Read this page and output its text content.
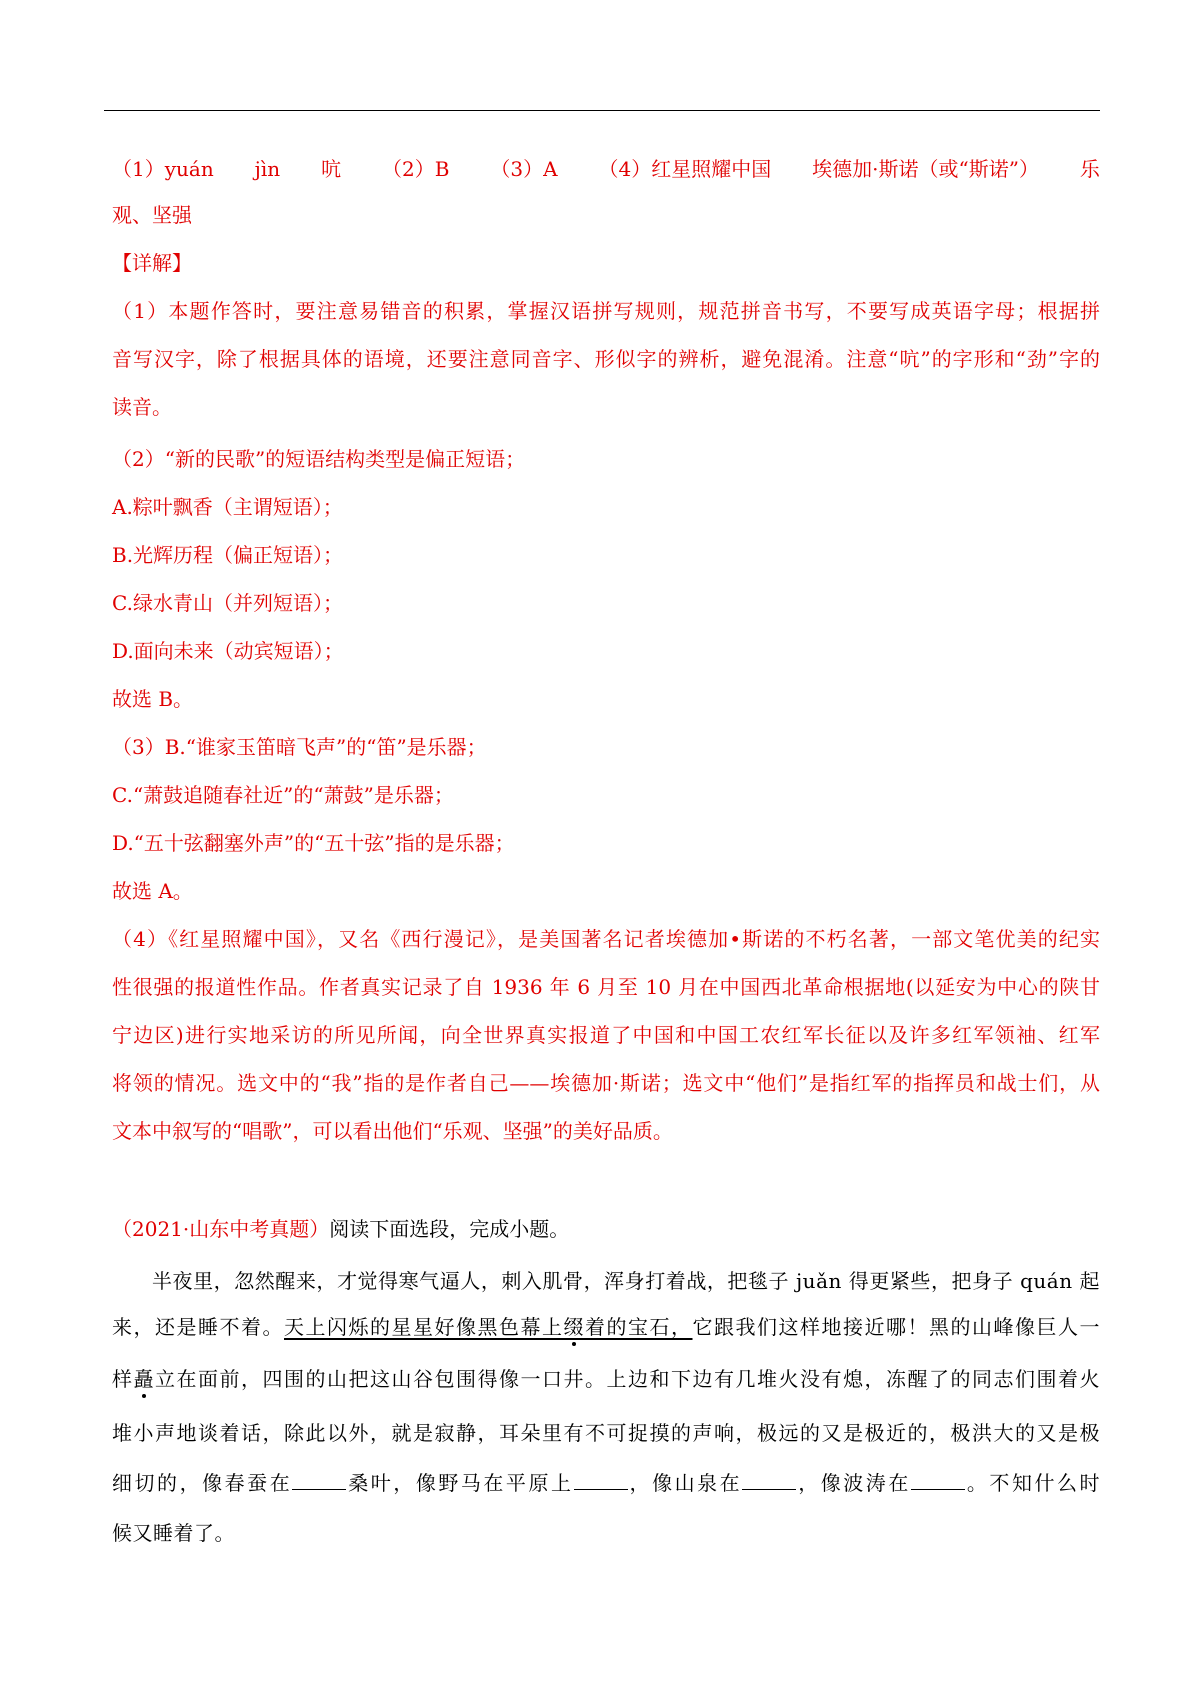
（1）yuán jìn 吭 （2）B （3）A （4）红星照耀中国 埃德加·斯诺（或“斯诺”） 乐
观、坚强
【详解】
（1）本题作答时，要注意易错音的积累，掌握汉语拼写规则，规范拼音书写，不要写成英语字母；根据拼
音写汉字，除了根据具体的语境，还要注意同音字、形似字的辨析，避免混淆。注意“吭”的字形和“劲”字的
读音。
（2）“新的民歌”的短语结构类型是偏正短语；
A.粽叶飘香（主谓短语）；
B.光辉历程（偏正短语）；
C.绿水青山（并列短语）；
D.面向未来（动宾短语）；
故选 B。
（3）B.“谁家玉笛暗飞声”的“笛”是乐器；
C.“萧鼓追随春社近”的“萧鼓”是乐器；
D.“五十弦翻塞外声”的“五十弦”指的是乐器；
故选 A。
（4）《红星照耀中国》，又名《西行漫记》，是美国著名记者埃德加•斯诺的不朽名著，一部文笔优美的纪实
性很强的报道性作品。作者真实记录了自 1936 年 6 月至 10 月在中国西北革命根据地(以延安为中心的陕甘
宁边区)进行实地采访的所见所闻，向全世界真实报道了中国和中国工农红军长征以及许多红军领袖、红军
将领的情况。选文中的“我”指的是作者自己——埃德加·斯诺；选文中“他们”是指红军的指挥员和战士们，从
文本中叙写的“唱歌”，可以看出他们“乐观、坚强”的美好品质。
（2021·山东中考真题）阅读下面选段，完成小题。
半夜里，忽然醒来，才觉得寒气逼人，刺入肌骨，浑身打着战，把毯子 juǎn 得更紧些，把身子 quán 起
来，还是睡不着。天上闪烁的星星好像黑色幕上缀着的宝石，它跟我们这样地接近哪！黑的山峰像巨人一
样矗立在面前，四围的山把这山谷包围得像一口井。上边和下边有几堆火没有熄，冻醒了的同志们围着火
堆小声地谈着话，除此以外，就是寂静，耳朵里有不可捉摸的声响，极远的又是极近的，极洪大的又是极
细切的，像春蚕在	桑叶，像野马在平原上	，像山泉在	，像波涛在	。不知什么时
候又睡着了。
